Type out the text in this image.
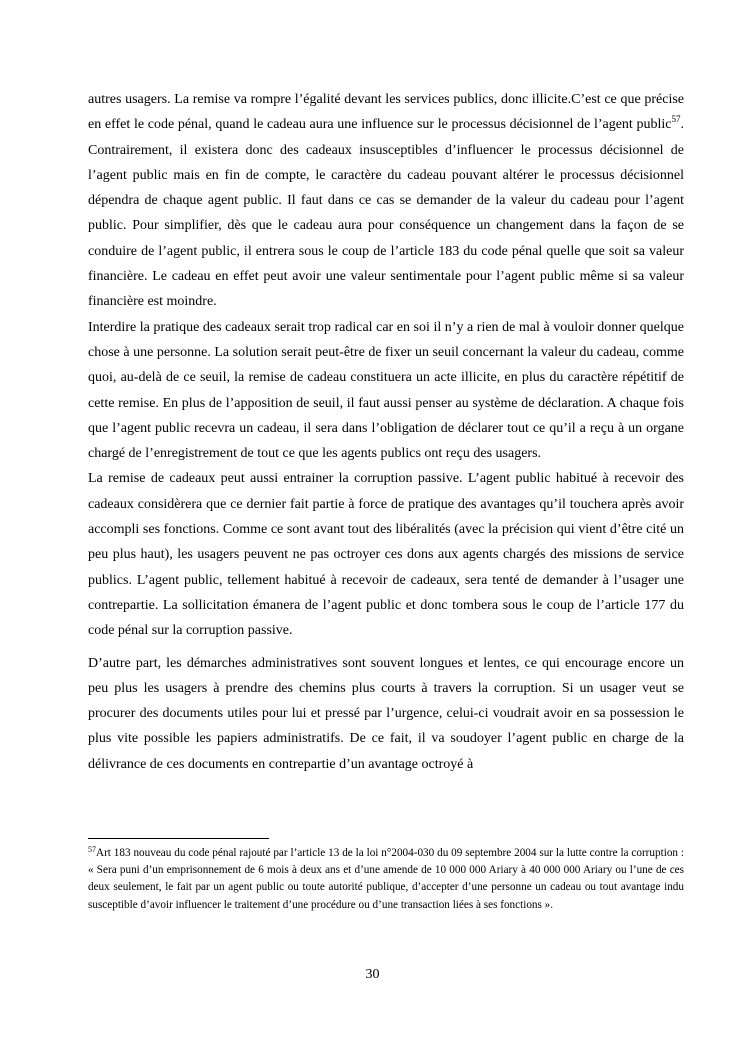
autres usagers. La remise va rompre l’égalité devant les services publics, donc illicite.C’est ce que précise en effet le code pénal, quand le cadeau aura une influence sur le processus décisionnel de l’agent public$^{57}$. Contrairement, il existera donc des cadeaux insusceptibles d’influencer le processus décisionnel de l’agent public mais en fin de compte, le caractère du cadeau pouvant altérer le processus décisionnel dépendra de chaque agent public. Il faut dans ce cas se demander de la valeur du cadeau pour l’agent public. Pour simplifier, dès que le cadeau aura pour conséquence un changement dans la façon de se conduire de l’agent public, il entrera sous le coup de l’article 183 du code pénal quelle que soit sa valeur financière. Le cadeau en effet peut avoir une valeur sentimentale pour l’agent public même si sa valeur financière est moindre.

Interdire la pratique des cadeaux serait trop radical car en soi il n’y a rien de mal à vouloir donner quelque chose à une personne. La solution serait peut-être de fixer un seuil concernant la valeur du cadeau, comme quoi, au-delà de ce seuil, la remise de cadeau constituera un acte illicite, en plus du caractère répétitif de cette remise. En plus de l’apposition de seuil, il faut aussi penser au système de déclaration. A chaque fois que l’agent public recevra un cadeau, il sera dans l’obligation de déclarer tout ce qu’il a reçu à un organe chargé de l’enregistrement de tout ce que les agents publics ont reçu des usagers.

La remise de cadeaux peut aussi entrainer la corruption passive. L’agent public habitué à recevoir des cadeaux considèrera que ce dernier fait partie à force de pratique des avantages qu’il touchera après avoir accompli ses fonctions. Comme ce sont avant tout des libéralités (avec la précision qui vient d’être cité un peu plus haut), les usagers peuvent ne pas octroyer ces dons aux agents chargés des missions de service publics. L’agent public, tellement habitué à recevoir de cadeaux, sera tenté de demander à l’usager une contrepartie. La sollicitation émanera de l’agent public et donc tombera sous le coup de l’article 177 du code pénal sur la corruption passive.

D’autre part, les démarches administratives sont souvent longues et lentes, ce qui encourage encore un peu plus les usagers à prendre des chemins plus courts à travers la corruption. Si un usager veut se procurer des documents utiles pour lui et pressé par l’urgence, celui-ci voudrait avoir en sa possession le plus vite possible les papiers administratifs. De ce fait, il va soudoyer l’agent public en charge de la délivrance de ces documents en contrepartie d’un avantage octroyé à

$^{57}$Art 183 nouveau du code pénal rajouté par l’article 13 de la loi n°2004-030 du 09 septembre 2004 sur la lutte contre la corruption : « Sera puni d’un emprisonnement de 6 mois à deux ans et d’une amende de 10 000 000 Ariary à 40 000 000 Ariary ou l’une de ces deux seulement, le fait par un agent public ou toute autorité publique, d’accepter d’une personne un cadeau ou tout avantage indu susceptible d’avoir influencer le traitement d’une procédure ou d’une transaction liées à ses fonctions ».

30
